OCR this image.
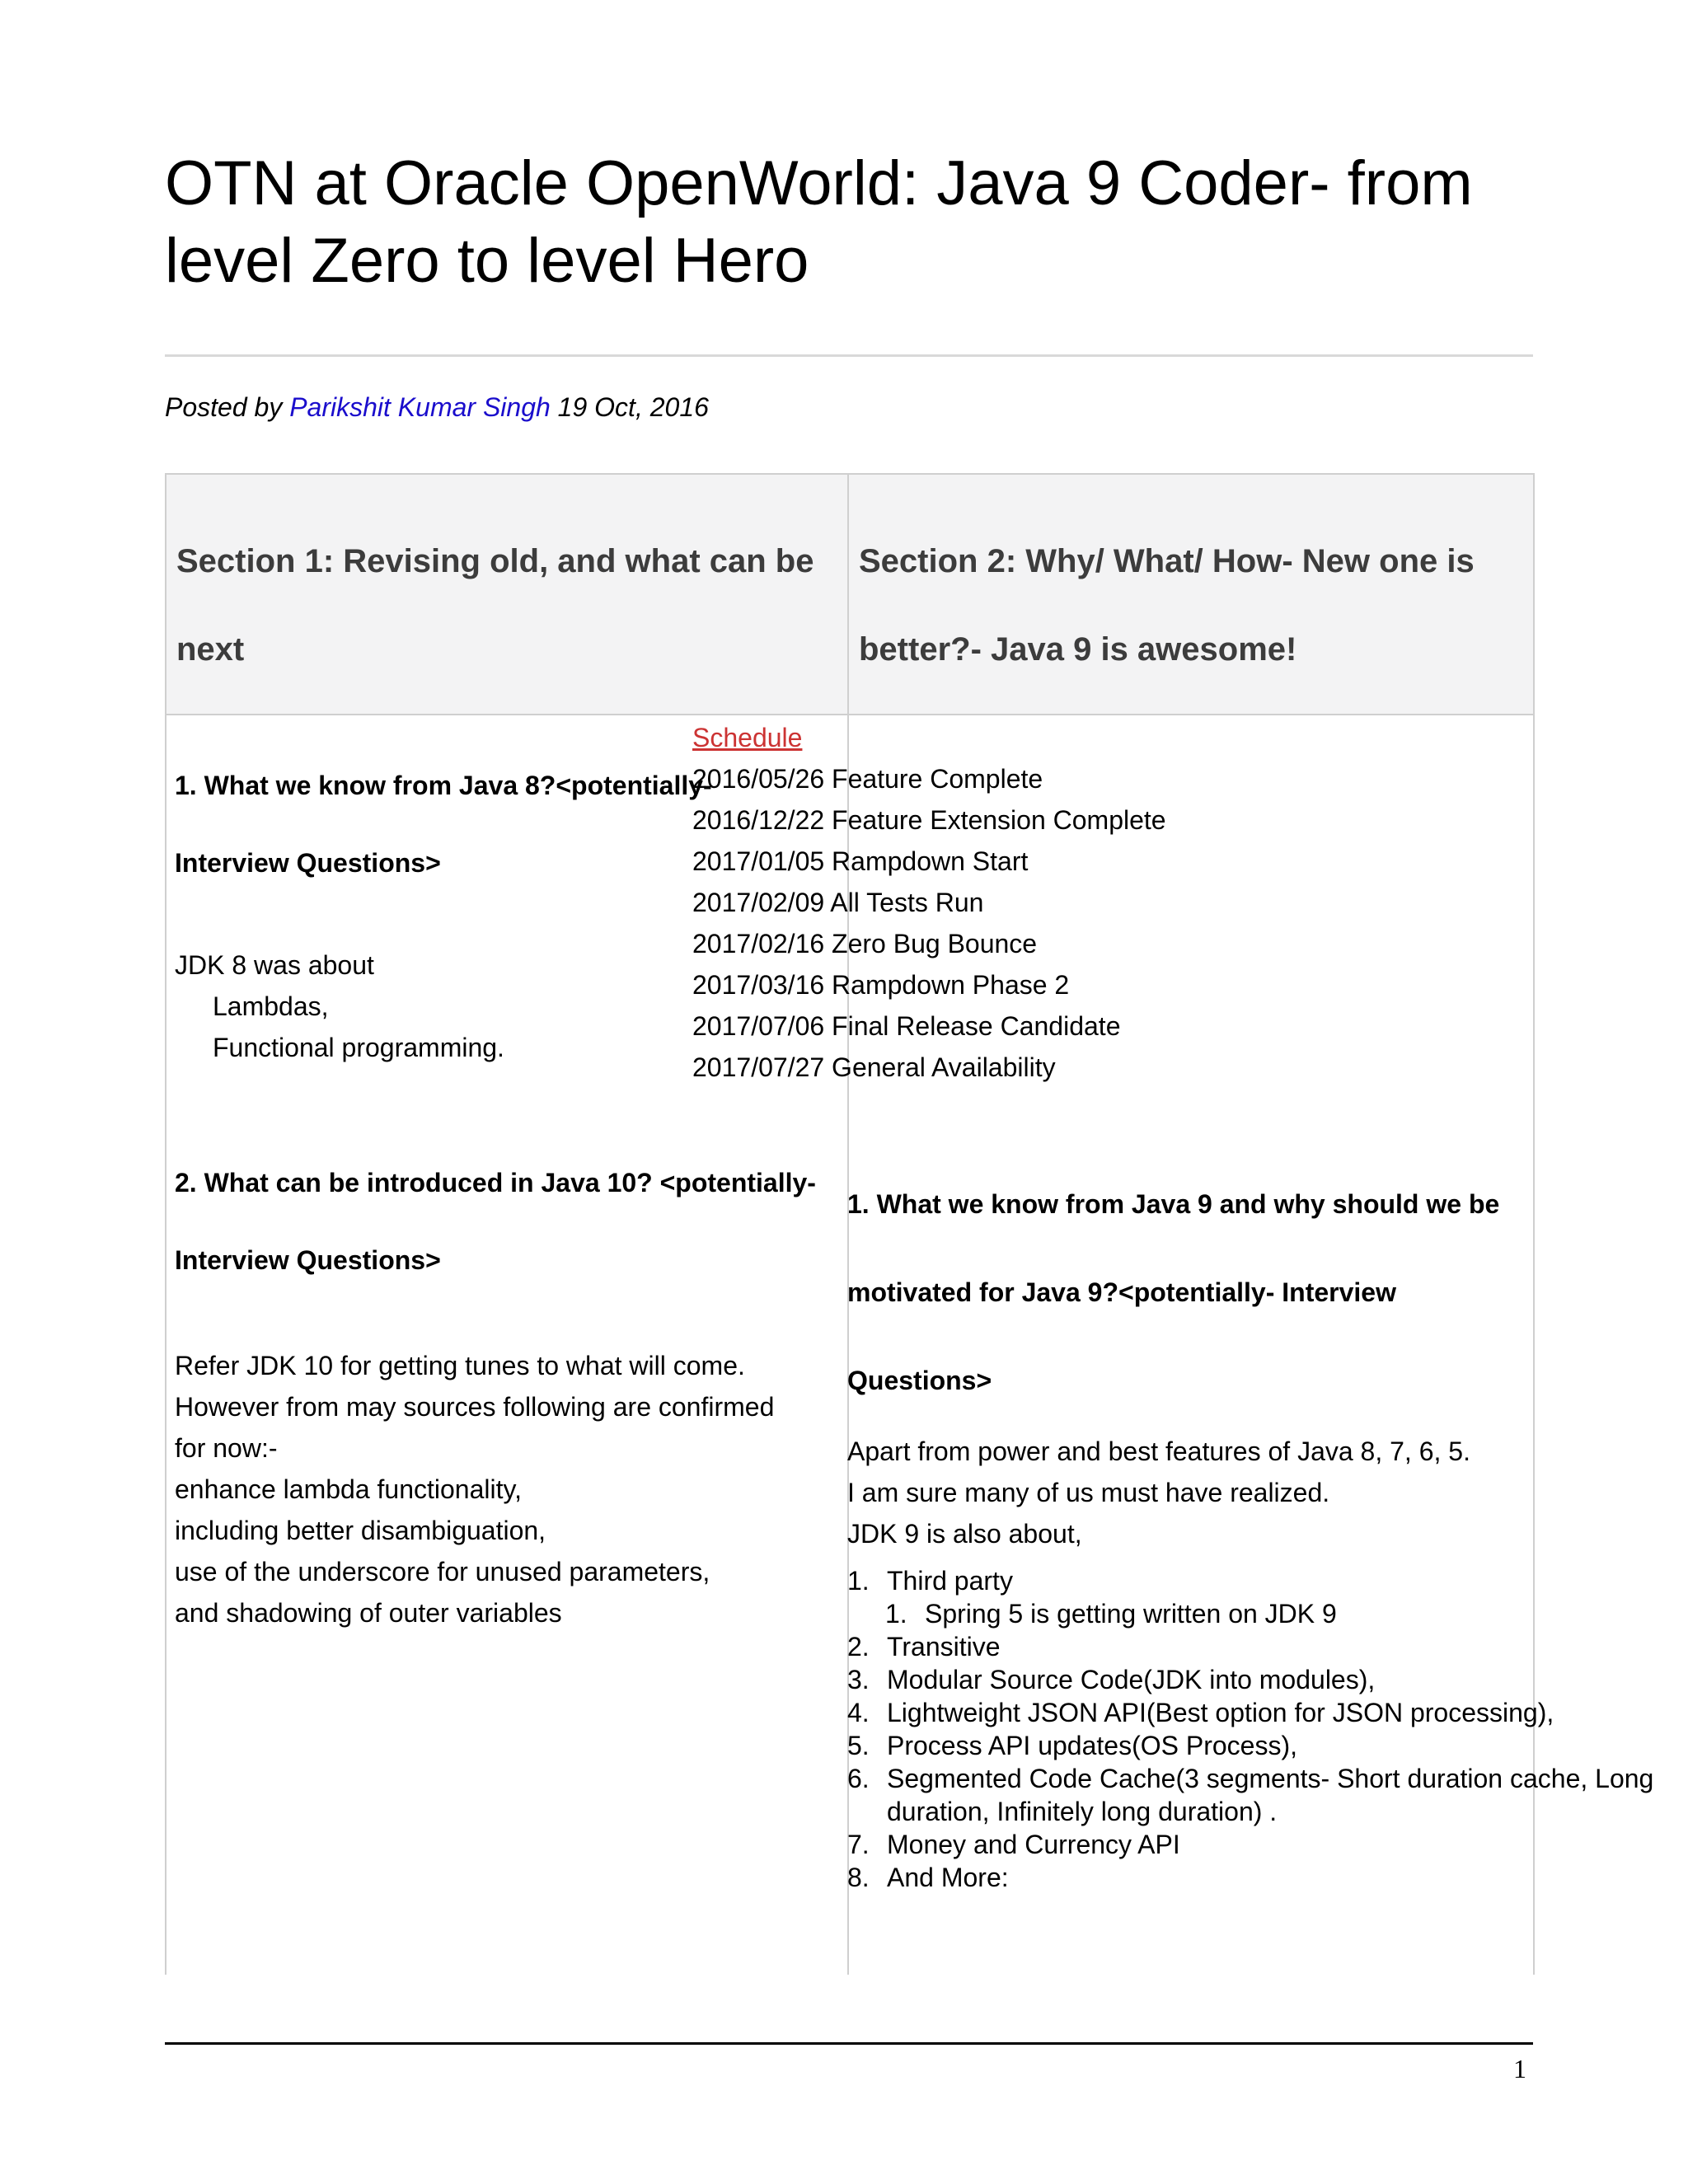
OTN at Oracle OpenWorld: Java 9 Coder- from level Zero to level Hero
Posted by Parikshit Kumar Singh 19 Oct, 2016

Section 1: Revising old, and what can be next

Section 2: Why/ What/ How- New one is better?- Java 9 is awesome!

1. What we know from Java 8?<potentially- Interview Questions>

JDK 8 was about
Lambdas,
Functional programming.

2. What can be introduced in Java 10? <potentially- Interview Questions>

Refer JDK 10 for getting tunes to what will come.
However from may sources following are confirmed
for now:-
enhance lambda functionality,
including better disambiguation,
use of the underscore for unused parameters,
and shadowing of outer variables
Schedule
2016/05/26 Feature Complete
2016/12/22 Feature Extension Complete
2017/01/05 Rampdown Start
2017/02/09 All Tests Run
2017/02/16 Zero Bug Bounce
2017/03/16 Rampdown Phase 2
2017/07/06 Final Release Candidate
2017/07/27 General Availability

1. What we know from Java 9 and why should we be motivated for Java 9?<potentially- Interview Questions>

Apart from power and best features of Java 8, 7, 6, 5.
I am sure many of us must have realized.
JDK 9 is also about,
1. Third party
1. Spring 5 is getting written on JDK 9
2. Transitive
3. Modular Source Code(JDK into modules),
4. Lightweight JSON API(Best option for JSON processing),
5. Process API updates(OS Process),
6. Segmented Code Cache(3 segments- Short duration cache, Long duration, Infinitely long duration) .
7. Money and Currency API
8. And More:
1
